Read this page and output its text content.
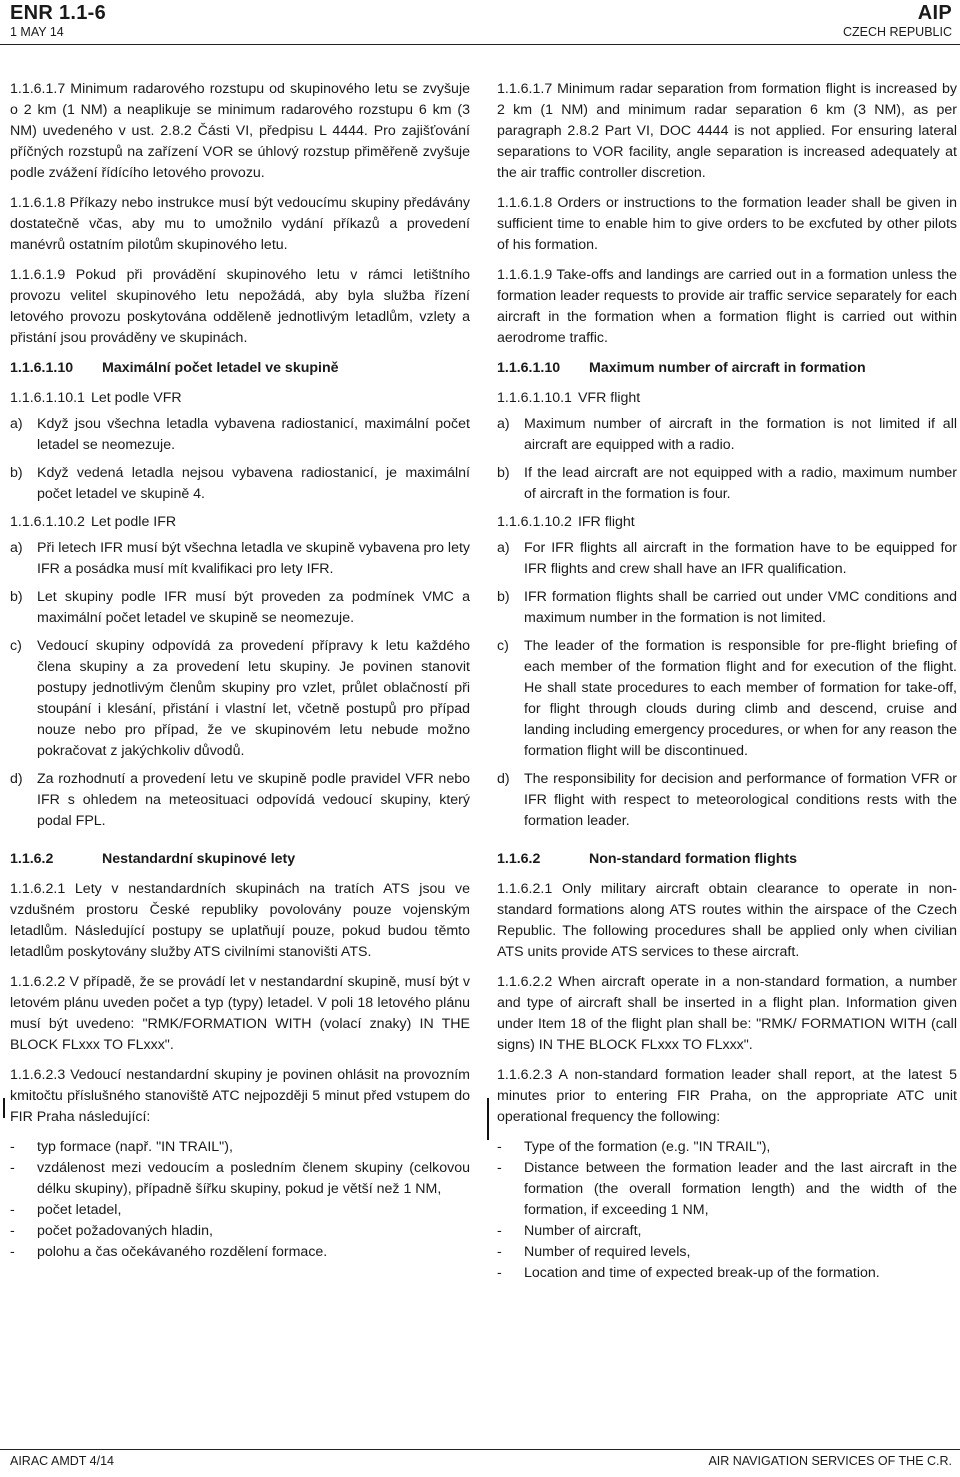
ENR 1.1-6
1 MAY 14
AIP
CZECH REPUBLIC

1.1.6.1.7 Minimum radarového rozstupu od skupinového letu se zvyšuje o 2 km (1 NM) a neaplikuje se minimum radarového rozstupu 6 km (3 NM) uvedeného v ust. 2.8.2 Části VI, předpisu L 4444. Pro zajišťování příčných rozstupů na zařízení VOR se úhlový rozstup přiměřeně zvyšuje podle zvážení řídícího letového provozu.

1.1.6.1.8 Příkazy nebo instrukce musí být vedoucímu skupiny předávány dostatečně včas, aby mu to umožnilo vydání příkazů a provedení manévrů ostatním pilotům skupinového letu.

1.1.6.1.9 Pokud při provádění skupinového letu v rámci letištního provozu velitel skupinového letu nepožádá, aby byla služba řízení letového provozu poskytována odděleně jednotlivým letadlům, vzlety a přistání jsou prováděny ve skupinách.

1.1.6.1.10 Maximální počet letadel ve skupině

1.1.6.1.10.1 Let podle VFR

a) Když jsou všechna letadla vybavena radiostanicí, maximální počet letadel se neomezuje.
b) Když vedená letadla nejsou vybavena radiostanicí, je maximální počet letadel ve skupině 4.

1.1.6.1.10.2 Let podle IFR

a) Při letech IFR musí být všechna letadla ve skupině vybavena pro lety IFR a posádka musí mít kvalifikaci pro lety IFR.
b) Let skupiny podle IFR musí být proveden za podmínek VMC a maximální počet letadel ve skupině se neomezuje.
c) Vedoucí skupiny odpovídá za provedení přípravy k letu každého člena skupiny a za provedení letu skupiny. Je povinen stanovit postupy jednotlivým členům skupiny pro vzlet, průlet oblačností při stoupání i klesání, přistání i vlastní let, včetně postupů pro případ nouze nebo pro případ, že ve skupinovém letu nebude možno pokračovat z jakýchkoliv důvodů.
d) Za rozhodnutí a provedení letu ve skupině podle pravidel VFR nebo IFR s ohledem na meteosituaci odpovídá vedoucí skupiny, který podal FPL.

1.1.6.2	Nestandardní skupinové lety

1.1.6.2.1 Lety v nestandardních skupinách na tratích ATS jsou ve vzdušném prostoru České republiky povolovány pouze vojenským letadlům. Následující postupy se uplatňují pouze, pokud budou těmto letadlům poskytovány služby ATS civilními stanovišti ATS.

1.1.6.2.2 V případě, že se provádí let v nestandardní skupině, musí být v letovém plánu uveden počet a typ (typy) letadel. V poli 18 letového plánu musí být uvedeno: "RMK/FORMATION WITH (volací znaky) IN THE BLOCK FLxxx TO FLxxx".

1.1.6.2.3 Vedoucí nestandardní skupiny je povinen ohlásit na provozním kmitočtu příslušného stanoviště ATC nejpozději 5 minut před vstupem do FIR Praha následující:

- typ formace (např. "IN TRAIL"),
- vzdálenost mezi vedoucím a posledním členem skupiny (celkovou délku skupiny), případně šířku skupiny, pokud je větší než 1 NM,
- počet letadel,
- počet požadovaných hladin,
- polohu a čas očekávaného rozdělení formace.

1.1.6.1.7 Minimum radar separation from formation flight is increased by 2 km (1 NM) and minimum radar separation 6 km (3 NM), as per paragraph 2.8.2 Part VI, DOC 4444 is not applied. For ensuring lateral separations to VOR facility, angle separation is increased adequately at the air traffic controller discretion.

1.1.6.1.8 Orders or instructions to the formation leader shall be given in sufficient time to enable him to give orders to be excfuted by other pilots of his formation.

1.1.6.1.9 Take-offs and landings are carried out in a formation unless the formation leader requests to provide air traffic service separately for each aircraft in the formation when a formation flight is carried out within aerodrome traffic.

1.1.6.1.10 Maximum number of aircraft in formation

1.1.6.1.10.1 VFR flight

a) Maximum number of aircraft in the formation is not limited if all aircraft are equipped with a radio.
b) If the lead aircraft are not equipped with a radio, maximum number of aircraft in the formation is four.

1.1.6.1.10.2 IFR flight

a) For IFR flights all aircraft in the formation have to be equipped for IFR flights and crew shall have an IFR qualification.
b) IFR formation flights shall be carried out under VMC conditions and maximum number in the formation is not limited.
c) The leader of the formation is responsible for pre-flight briefing of each member of the formation flight and for execution of the flight. He shall state procedures to each member of formation for take-off, for flight through clouds during climb and descend, cruise and landing including emergency procedures, or when for any reason the formation flight will be discontinued.
d) The responsibility for decision and performance of formation VFR or IFR flight with respect to meteorological conditions rests with the formation leader.

1.1.6.2	Non-standard formation flights

1.1.6.2.1 Only military aircraft obtain clearance to operate in non-standard formations along ATS routes within the airspace of the Czech Republic. The following procedures shall be applied only when civilian ATS units provide ATS services to these aircraft.

1.1.6.2.2 When aircraft operate in a non-standard formation, a number and type of aircraft shall be inserted in a flight plan. Information given under Item 18 of the flight plan shall be: "RMK/ FORMATION WITH (call signs) IN THE BLOCK FLxxx TO FLxxx".

1.1.6.2.3 A non-standard formation leader shall report, at the latest 5 minutes prior to entering FIR Praha, on the appropriate ATC unit operational frequency the following:

- Type of the formation (e.g. "IN TRAIL"),
- Distance between the formation leader and the last aircraft in the formation (the overall formation length) and the width of the formation, if exceeding 1 NM,
- Number of aircraft,
- Number of required levels,
- Location and time of expected break-up of the formation.
AIRAC AMDT 4/14	AIR NAVIGATION SERVICES OF THE C.R.
